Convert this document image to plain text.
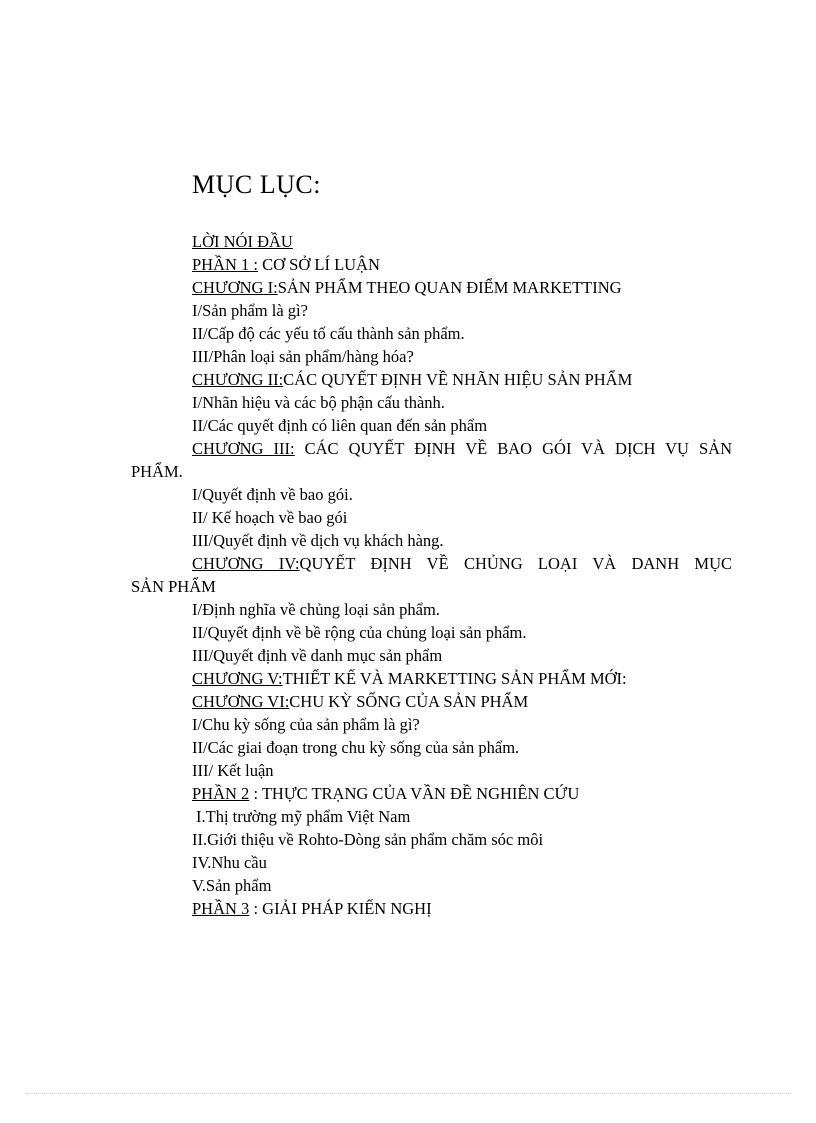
MỤC LỤC:
LỜI NÓI ĐẦU
PHẦN 1 : CƠ SỞ LÍ LUẬN
CHƯƠNG I:SẢN PHẨM THEO QUAN ĐIỂM MARKETTING
I/Sản phẩm là gì?
II/Cấp độ các yếu tố cấu thành sản phẩm.
III/Phân loại sản phẩm/hàng hóa?
CHƯƠNG II:CÁC QUYẾT ĐỊNH VỀ NHÃN HIỆU SẢN PHẨM
I/Nhãn hiệu và các bộ phận cấu thành.
II/Các quyết định có liên quan đến sản phẩm
CHƯƠNG III: CÁC QUYẾT ĐỊNH VỀ BAO GÓI VÀ DỊCH VỤ SẢN
PHẨM.
I/Quyết định về bao gói.
II/ Kế hoạch về bao gói
III/Quyết định về dịch vụ khách hàng.
CHƯƠNG IV:QUYẾT ĐỊNH VỀ CHỦNG LOẠI VÀ DANH MỤC
SẢN PHẨM
I/Định nghĩa về chủng loại sản phẩm.
II/Quyết định về bề rộng của chủng loại sản phẩm.
III/Quyết định về danh mục sản phẩm
CHƯƠNG V:THIẾT KẾ VÀ MARKETTING SẢN PHẨM MỚI:
CHƯƠNG VI:CHU KỲ SỐNG CỦA SẢN PHẨM
I/Chu kỳ sống của sản phẩm là gì?
II/Các giai đoạn trong chu kỳ sống của sản phẩm.
III/ Kết luận
PHẦN 2 : THỰC TRẠNG CỦA VẦN ĐỀ NGHIÊN CỨU
I.Thị trường mỹ phẩm Việt Nam
II.Giới thiệu về Rohto-Dòng sản phẩm chăm sóc môi
IV.Nhu cầu
V.Sản phẩm
PHẦN 3 : GIẢI PHÁP KIẾN NGHỊ
